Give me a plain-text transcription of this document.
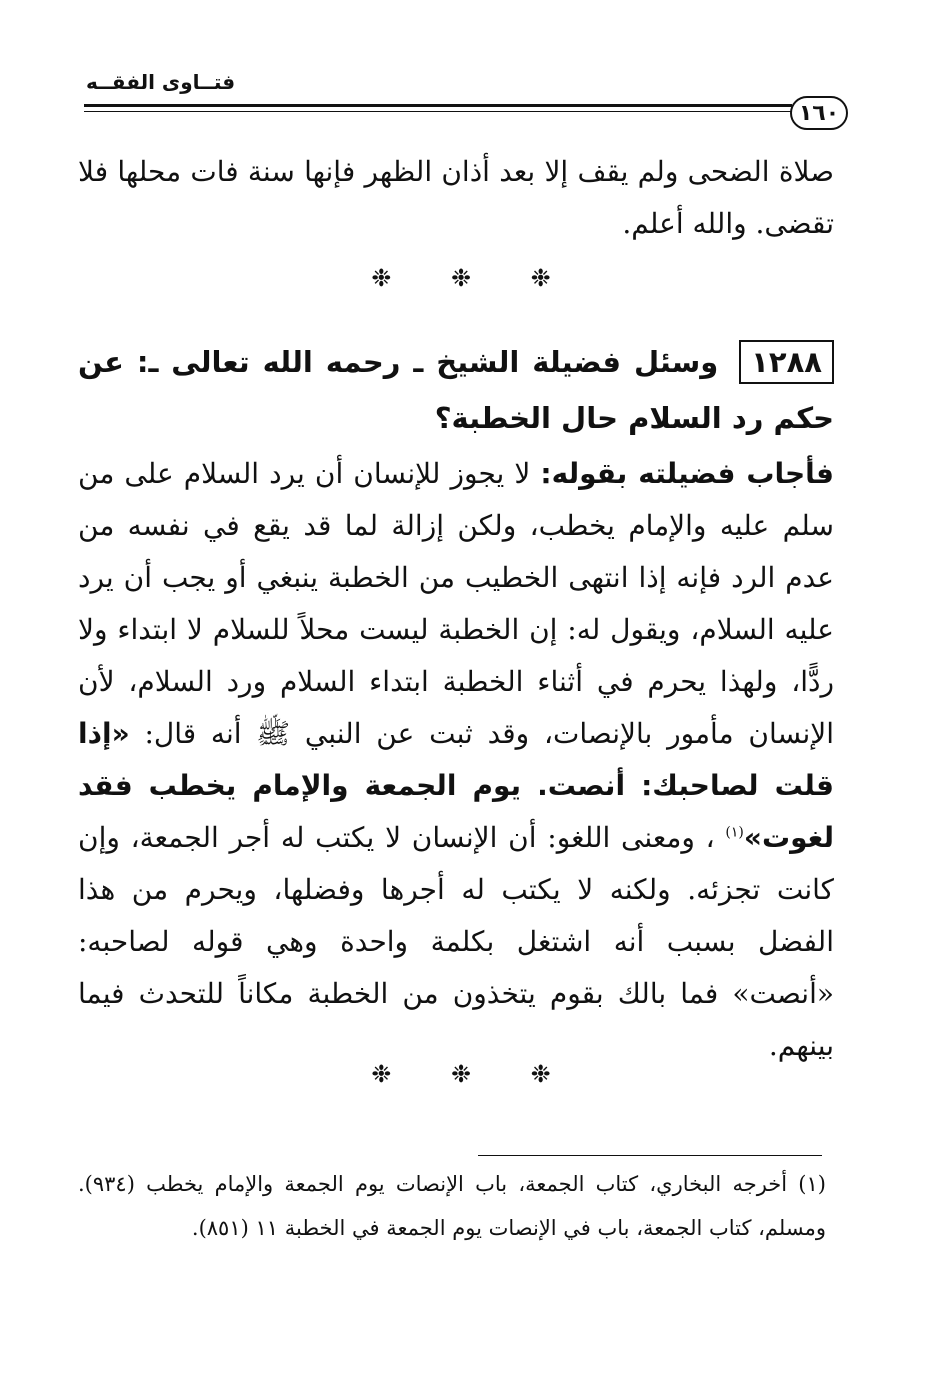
فتــاوى الفقــه
١٦٠
صلاة الضحى ولم يقف إلا بعد أذان الظهر فإنها سنة فات محلها فلا تقضى. والله أعلم.
❉ ❉ ❉
١٢٨٨ وسئل فضيلة الشيخ ـ رحمه الله تعالى ـ: عن حكم رد السلام حال الخطبة؟
فأجاب فضيلته بقوله: لا يجوز للإنسان أن يرد السلام على من سلم عليه والإمام يخطب، ولكن إزالة لما قد يقع في نفسه من عدم الرد فإنه إذا انتهى الخطيب من الخطبة ينبغي أو يجب أن يرد عليه السلام، ويقول له: إن الخطبة ليست محلاً للسلام لا ابتداء ولا ردًّا، ولهذا يحرم في أثناء الخطبة ابتداء السلام ورد السلام، لأن الإنسان مأمور بالإنصات، وقد ثبت عن النبي ﷺ أنه قال: «إذا قلت لصاحبك: أنصت. يوم الجمعة والإمام يخطب فقد لغوت»$^{(١)}$ ، ومعنى اللغو: أن الإنسان لا يكتب له أجر الجمعة، وإن كانت تجزئه. ولكنه لا يكتب له أجرها وفضلها، ويحرم من هذا الفضل بسبب أنه اشتغل بكلمة واحدة وهي قوله لصاحبه: «أنصت» فما بالك بقوم يتخذون من الخطبة مكاناً للتحدث فيما بينهم.
❉ ❉ ❉
(١) أخرجه البخاري، كتاب الجمعة، باب الإنصات يوم الجمعة والإمام يخطب (٩٣٤). ومسلم، كتاب الجمعة، باب في الإنصات يوم الجمعة في الخطبة ١١ (٨٥١).
